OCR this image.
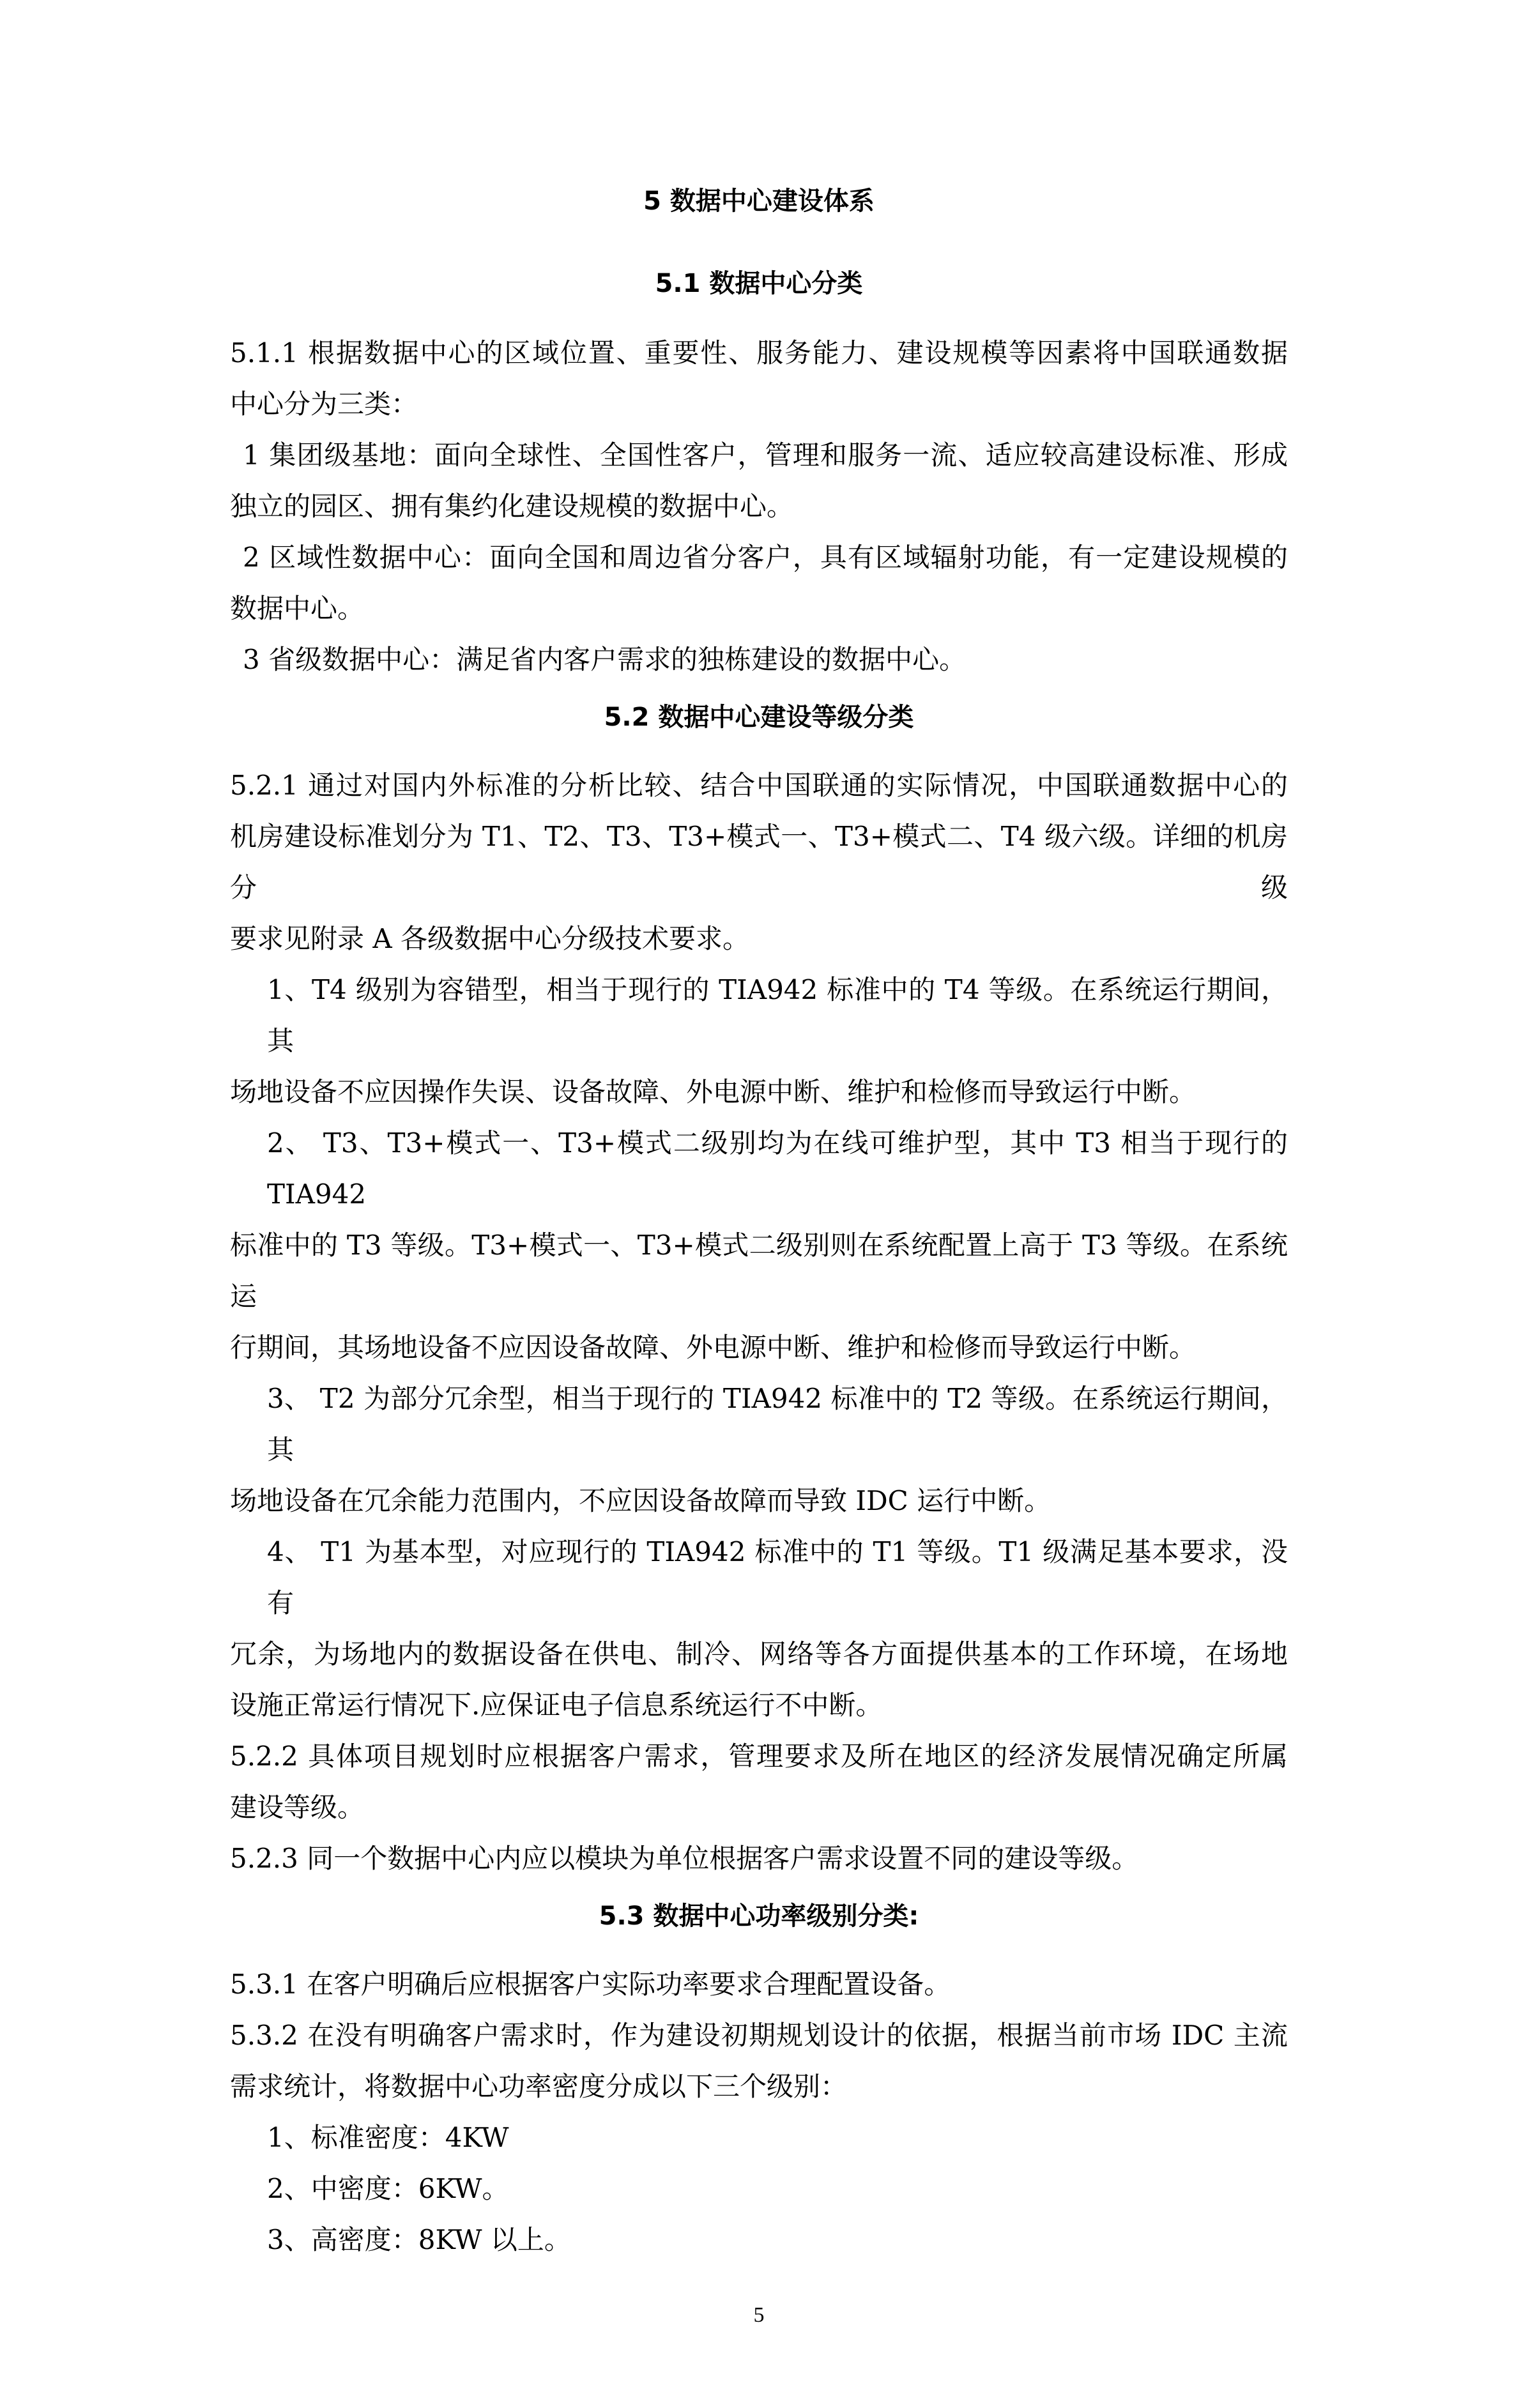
5 数据中心建设体系
5.1 数据中心分类
5.1.1 根据数据中心的区域位置、重要性、服务能力、建设规模等因素将中国联通数据
中心分为三类：
1 集团级基地：面向全球性、全国性客户，管理和服务一流、适应较高建设标准、形成
独立的园区、拥有集约化建设规模的数据中心。
2 区域性数据中心：面向全国和周边省分客户，具有区域辐射功能，有一定建设规模的
数据中心。
3 省级数据中心：满足省内客户需求的独栋建设的数据中心。
5.2 数据中心建设等级分类
5.2.1 通过对国内外标准的分析比较、结合中国联通的实际情况，中国联通数据中心的
机房建设标准划分为 T1、T2、T3、T3+模式一、T3+模式二、T4 级六级。详细的机房分级
要求见附录 A 各级数据中心分级技术要求。
1、T4 级别为容错型，相当于现行的 TIA942 标准中的 T4 等级。在系统运行期间，其
场地设备不应因操作失误、设备故障、外电源中断、维护和检修而导致运行中断。
2、 T3、T3+模式一、T3+模式二级别均为在线可维护型，其中 T3 相当于现行的 TIA942
标准中的 T3 等级。T3+模式一、T3+模式二级别则在系统配置上高于 T3 等级。在系统运
行期间，其场地设备不应因设备故障、外电源中断、维护和检修而导致运行中断。
3、 T2 为部分冗余型，相当于现行的 TIA942 标准中的 T2 等级。在系统运行期间，其
场地设备在冗余能力范围内，不应因设备故障而导致 IDC 运行中断。
4、 T1 为基本型，对应现行的 TIA942 标准中的 T1 等级。T1 级满足基本要求，没有
冗余，为场地内的数据设备在供电、制冷、网络等各方面提供基本的工作环境，在场地
设施正常运行情况下.应保证电子信息系统运行不中断。
5.2.2 具体项目规划时应根据客户需求，管理要求及所在地区的经济发展情况确定所属
建设等级。
5.2.3 同一个数据中心内应以模块为单位根据客户需求设置不同的建设等级。
5.3 数据中心功率级别分类:
5.3.1 在客户明确后应根据客户实际功率要求合理配置设备。
5.3.2 在没有明确客户需求时，作为建设初期规划设计的依据，根据当前市场 IDC 主流
需求统计，将数据中心功率密度分成以下三个级别：
1、标准密度：4KW
2、中密度：6KW。
3、高密度：8KW 以上。
5
